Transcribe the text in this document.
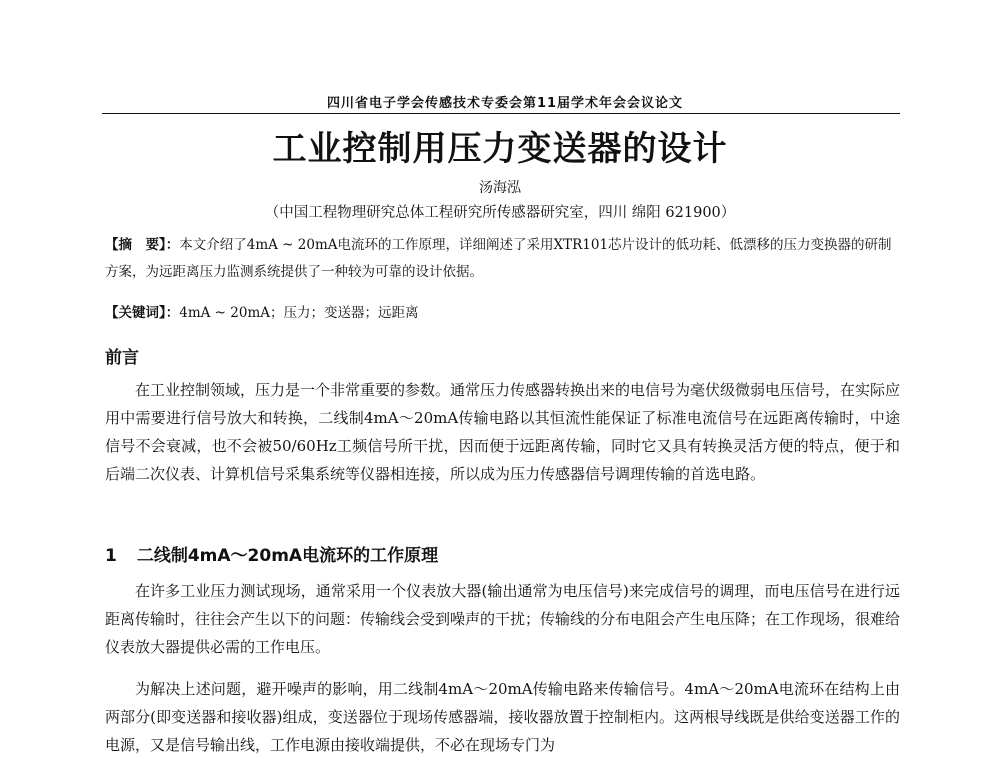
四川省电子学会传感技术专委会第11届学术年会会议论文
工业控制用压力变送器的设计
汤海泓
（中国工程物理研究总体工程研究所传感器研究室，四川 绵阳 621900）
【摘　要】：本文介绍了4mA ~ 20mA电流环的工作原理，详细阐述了采用XTR101芯片设计的低功耗、低漂移的压力变换器的研制方案，为远距离压力监测系统提供了一种较为可靠的设计依据。
【关键词】：4mA ~ 20mA；压力；变送器；远距离
前言
在工业控制领域，压力是一个非常重要的参数。通常压力传感器转换出来的电信号为毫伏级微弱电压信号，在实际应用中需要进行信号放大和转换，二线制4mA～20mA传输电路以其恒流性能保证了标准电流信号在远距离传输时，中途信号不会衰减，也不会被50/60Hz工频信号所干扰，因而便于远距离传输，同时它又具有转换灵活方便的特点，便于和后端二次仪表、计算机信号采集系统等仪器相连接，所以成为压力传感器信号调理传输的首选电路。
1 二线制4mA～20mA电流环的工作原理
在许多工业压力测试现场，通常采用一个仪表放大器(输出通常为电压信号)来完成信号的调理，而电压信号在进行远距离传输时，往往会产生以下的问题：传输线会受到噪声的干扰；传输线的分布电阻会产生电压降；在工作现场，很难给仪表放大器提供必需的工作电压。
为解决上述问题，避开噪声的影响，用二线制4mA～20mA传输电路来传输信号。4mA～20mA电流环在结构上由两部分(即变送器和接收器)组成，变送器位于现场传感器端，接收器放置于控制柜内。这两根导线既是供给变送器工作的电源，又是信号输出线，工作电源由接收端提供，不必在现场专门为
